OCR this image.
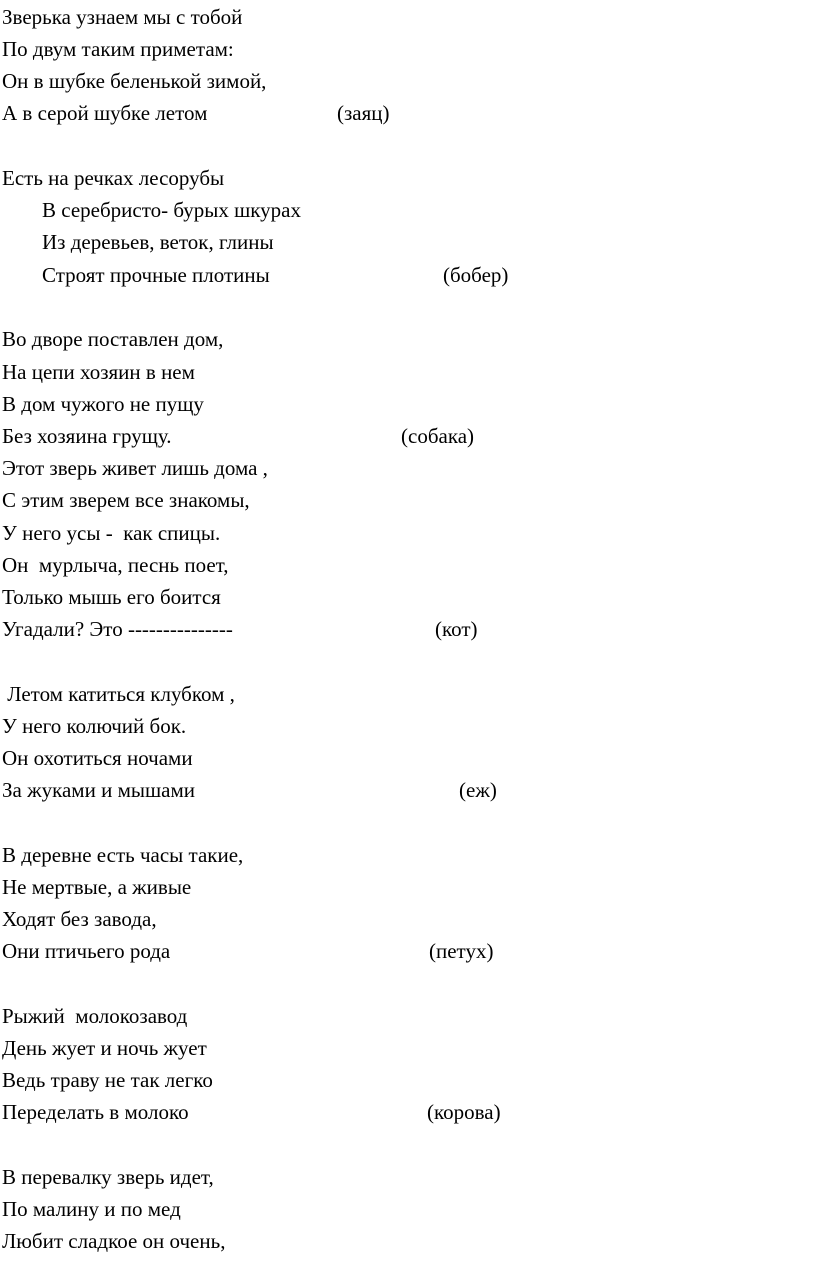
Зверька узнаем мы с тобой
По двум таким приметам:
Он в шубке беленькой зимой,
А в серой шубке летом	(заяц)
Есть на речках лесорубы
В серебристо- бурых шкурах
Из деревьев, веток, глины
Строят прочные плотины	(бобер)
Во дворе поставлен дом,
На цепи хозяин в нем
В дом чужого не пущу
Без хозяина грущу.	(собака)
Этот зверь живет лишь дома ,
С этим зверем все знакомы,
У него усы -  как спицы.
Он  мурлыча, песнь поет,
Только мышь его боится
Угадали? Это ---------------	(кот)
Летом катиться клубком ,
У него колючий бок.
Он охотиться ночами
За жуками и мышами	(еж)
В деревне есть часы такие,
Не мертвые, а живые
Ходят без завода,
Они птичьего рода	(петух)
Рыжий  молокозавод
День жует и ночь жует
Ведь траву не так легко
Переделать в молоко	(корова)
В перевалку зверь идет,
По малину и по мед
Любит сладкое он очень,
